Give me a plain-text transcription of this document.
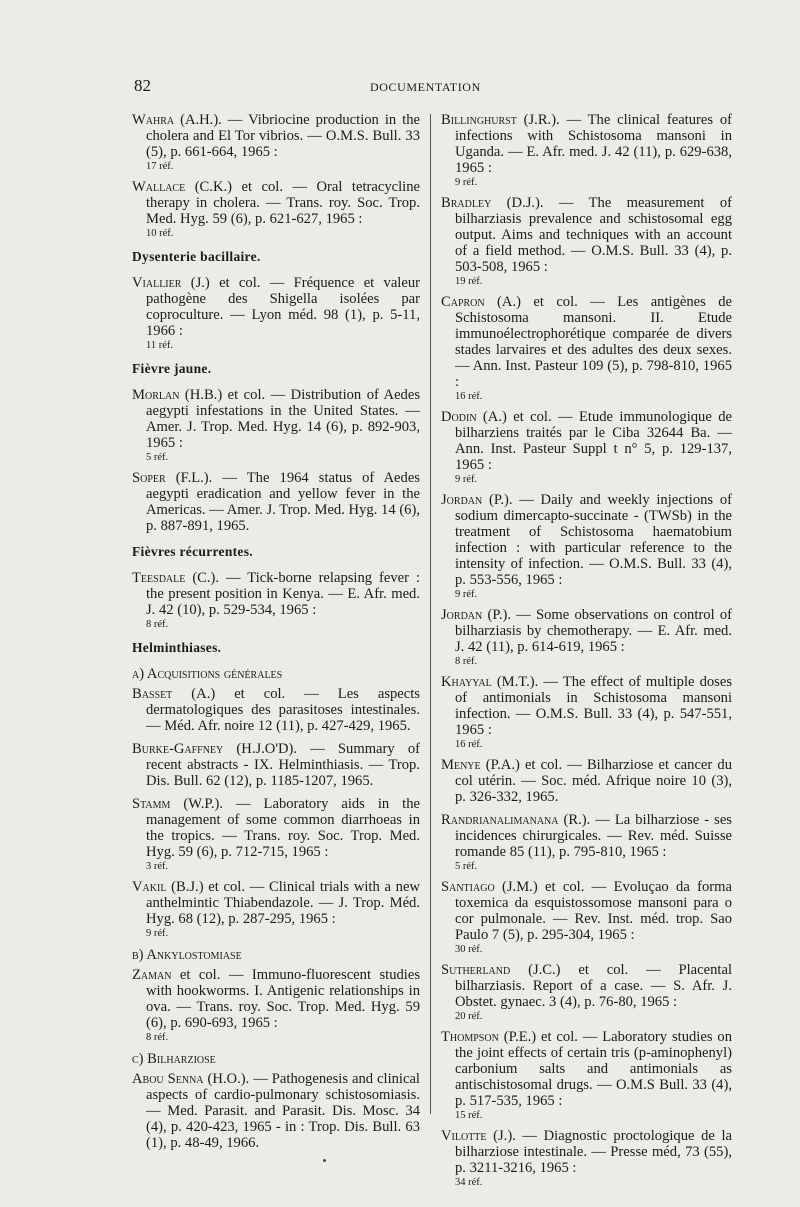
82	DOCUMENTATION

Wahra (A.H.). — Vibriocine production in the cholera and El Tor vibrios. — O.M.S. Bull. 33 (5), p. 661-664, 1965 :

17 réf.

Wallace (C.K.) et col. — Oral tetracycline therapy in cholera. — Trans. roy. Soc. Trop. Med. Hyg. 59 (6), p. 621-627, 1965 :

10 réf.
Dysenterie bacillaire.

Viallier (J.) et col. — Fréquence et valeur pathogène des Shigella isolées par coproculture. — Lyon méd. 98 (1), p. 5-11, 1966 :

11 réf.
Fièvre jaune.

Morlan (H.B.) et col. — Distribution of Aedes aegypti infestations in the United States. — Amer. J. Trop. Med. Hyg. 14 (6), p. 892-903, 1965 :

5 réf.

Soper (F.L.). — The 1964 status of Aedes aegypti eradication and yellow fever in the Americas. — Amer. J. Trop. Med. Hyg. 14 (6), p. 887-891, 1965.

Fièvres récurrentes.

Teesdale (C.). — Tick-borne relapsing fever : the present position in Kenya. — E. Afr. med. J. 42 (10), p. 529-534, 1965 :

8 réf.
Helminthiases.
a) Acquisitions générales

Basset (A.) et col. — Les aspects dermatologiques des parasitoses intestinales. — Méd. Afr. noire 12 (11), p. 427-429, 1965.

Burke-Gaffney (H.J.O'D). — Summary of recent abstracts - IX. Helminthiasis. — Trop. Dis. Bull. 62 (12), p. 1185-1207, 1965.

Stamm (W.P.). — Laboratory aids in the management of some common diarrhoeas in the tropics. — Trans. roy. Soc. Trop. Med. Hyg. 59 (6), p. 712-715, 1965 :

3 réf.

Vakil (B.J.) et col. — Clinical trials with a new anthelmintic Thiabendazole. — J. Trop. Méd. Hyg. 68 (12), p. 287-295, 1965 :

9 réf.
b) Ankylostomiase

Zaman et col. — Immuno-fluorescent studies with hookworms. I. Antigenic relationships in ova. — Trans. roy. Soc. Trop. Med. Hyg. 59 (6), p. 690-693, 1965 :

8 réf.
c) Bilharziose

Abou Senna (H.O.). — Pathogenesis and clinical aspects of cardio-pulmonary schistosomiasis. — Med. Parasit. and Parasit. Dis. Mosc. 34 (4), p. 420-423, 1965 - in : Trop. Dis. Bull. 63 (1), p. 48-49, 1966.

Billinghurst (J.R.). — The clinical features of infections with Schistosoma mansoni in Uganda. — E. Afr. med. J. 42 (11), p. 629-638, 1965 :

9 réf.

Bradley (D.J.). — The measurement of bilharziasis prevalence and schistosomal egg output. Aims and techniques with an account of a field method. — O.M.S. Bull. 33 (4), p. 503-508, 1965 :

19 réf.

Capron (A.) et col. — Les antigènes de Schistosoma mansoni. II. Etude immunoélectrophorétique comparée de divers stades larvaires et des adultes des deux sexes. — Ann. Inst. Pasteur 109 (5), p. 798-810, 1965 :

16 réf.

Dodin (A.) et col. — Etude immunologique de bilharziens traités par le Ciba 32644 Ba. — Ann. Inst. Pasteur Suppl t n° 5, p. 129-137, 1965 :

9 réf.

Jordan (P.). — Daily and weekly injections of sodium dimercapto-succinate - (TWSb) in the treatment of Schistosoma haematobium infection : with particular reference to the intensity of infection. — O.M.S. Bull. 33 (4), p. 553-556, 1965 :

9 réf.

Jordan (P.). — Some observations on control of bilharziasis by chemotherapy. — E. Afr. med. J. 42 (11), p. 614-619, 1965 :

8 réf.

Khayyal (M.T.). — The effect of multiple doses of antimonials in Schistosoma mansoni infection. — O.M.S. Bull. 33 (4), p. 547-551, 1965 :

16 réf.

Menye (P.A.) et col. — Bilharziose et cancer du col utérin. — Soc. méd. Afrique noire 10 (3), p. 326-332, 1965.

Randrianalimanana (R.). — La bilharziose - ses incidences chirurgicales. — Rev. méd. Suisse romande 85 (11), p. 795-810, 1965 :

5 réf.

Santiago (J.M.) et col. — Evoluçao da forma toxemica da esquistossomose mansoni para o cor pulmonale. — Rev. Inst. méd. trop. Sao Paulo 7 (5), p. 295-304, 1965 :

30 réf.

Sutherland (J.C.) et col. — Placental bilharziasis. Report of a case. — S. Afr. J. Obstet. gynaec. 3 (4), p. 76-80, 1965 :

20 réf.

Thompson (P.E.) et col. — Laboratory studies on the joint effects of certain tris (p-aminophenyl) carbonium salts and antimonials as antischistosomal drugs. — O.M.S Bull. 33 (4), p. 517-535, 1965 :

15 réf.

Vilotte (J.). — Diagnostic proctologique de la bilharziose intestinale. — Presse méd, 73 (55), p. 3211-3216, 1965 :

34 réf.
